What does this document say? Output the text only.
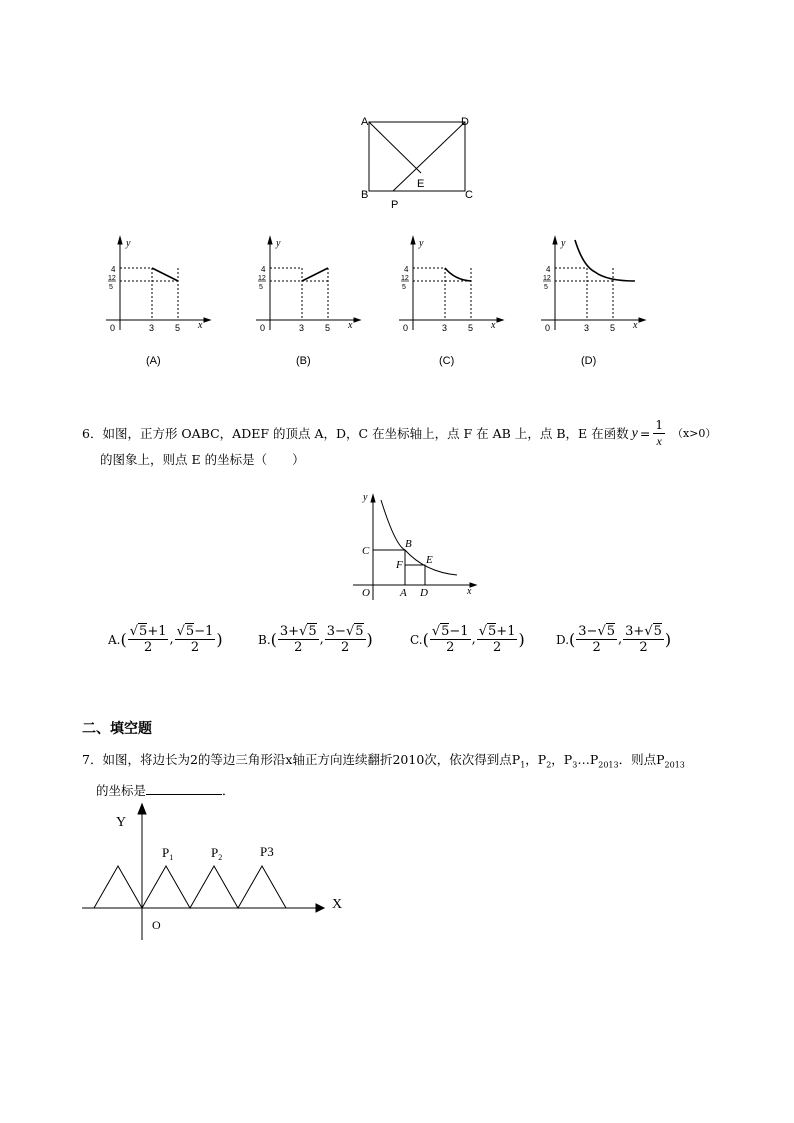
A	D
B	C
E
P
y
x
0
4
12
5
3 5
(A)
y
x
0
4
12
5
3 5
(B)
y
x
0
4
12
5
3 5
(C)
y
x
0
4
12
5
3 5
(D)
6．如图，正方形 OABC，ADEF 的顶点 A，D，C 在坐标轴上，点 F 在 AB 上，点 B，E 在函数 $y = \frac{1}{x} (x>0)$
的图象上，则点 E 的坐标是（　　）
y
x
O	A D
C
B
E
F
A. ( $\frac{√5+1}{2}$ , $\frac{√5-1}{2}$ )	B. ( $\frac{3+√5}{2}$ , $\frac{3-√5}{2}$ )	C. ( $\frac{√5-1}{2}$ , $\frac{√5+1}{2}$ )	D. ( $\frac{3-√5}{2}$ , $\frac{3+√5}{2}$ )
二、填空题
7．如图，将边长为2的等边三角形沿x轴正方向连续翻折2010次，依次得到点$P_1$，$P_2$，$P_3\dots P_{2013}$．则点$P_{2013}$
的坐标是	．
Y
X
O
$P_1$	$P_2$	P3
